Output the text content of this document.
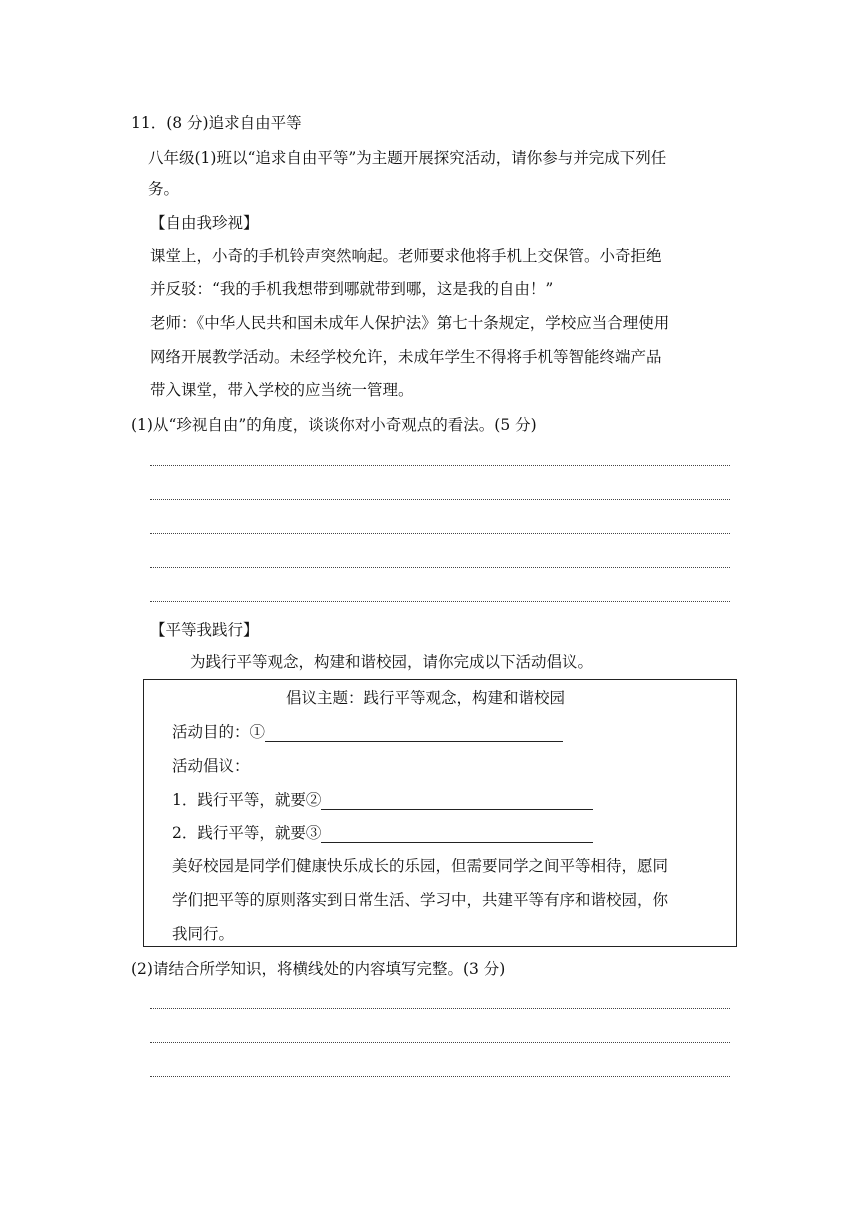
11．(8 分)追求自由平等
八年级(1)班以“追求自由平等”为主题开展探究活动，请你参与并完成下列任
务。
【自由我珍视】
课堂上，小奇的手机铃声突然响起。老师要求他将手机上交保管。小奇拒绝
并反驳：“我的手机我想带到哪就带到哪，这是我的自由！”
老师：《中华人民共和国未成年人保护法》第七十条规定，学校应当合理使用
网络开展教学活动。未经学校允许，未成年学生不得将手机等智能终端产品
带入课堂，带入学校的应当统一管理。
(1)从“珍视自由”的角度，谈谈你对小奇观点的看法。(5 分)
【平等我践行】
为践行平等观念，构建和谐校园，请你完成以下活动倡议。
倡议主题：践行平等观念，构建和谐校园
活动目的：①
活动倡议：
1．践行平等，就要②
2．践行平等，就要③
美好校园是同学们健康快乐成长的乐园，但需要同学之间平等相待，愿同
学们把平等的原则落实到日常生活、学习中，共建平等有序和谐校园，你
我同行。
(2)请结合所学知识，将横线处的内容填写完整。(3 分)
